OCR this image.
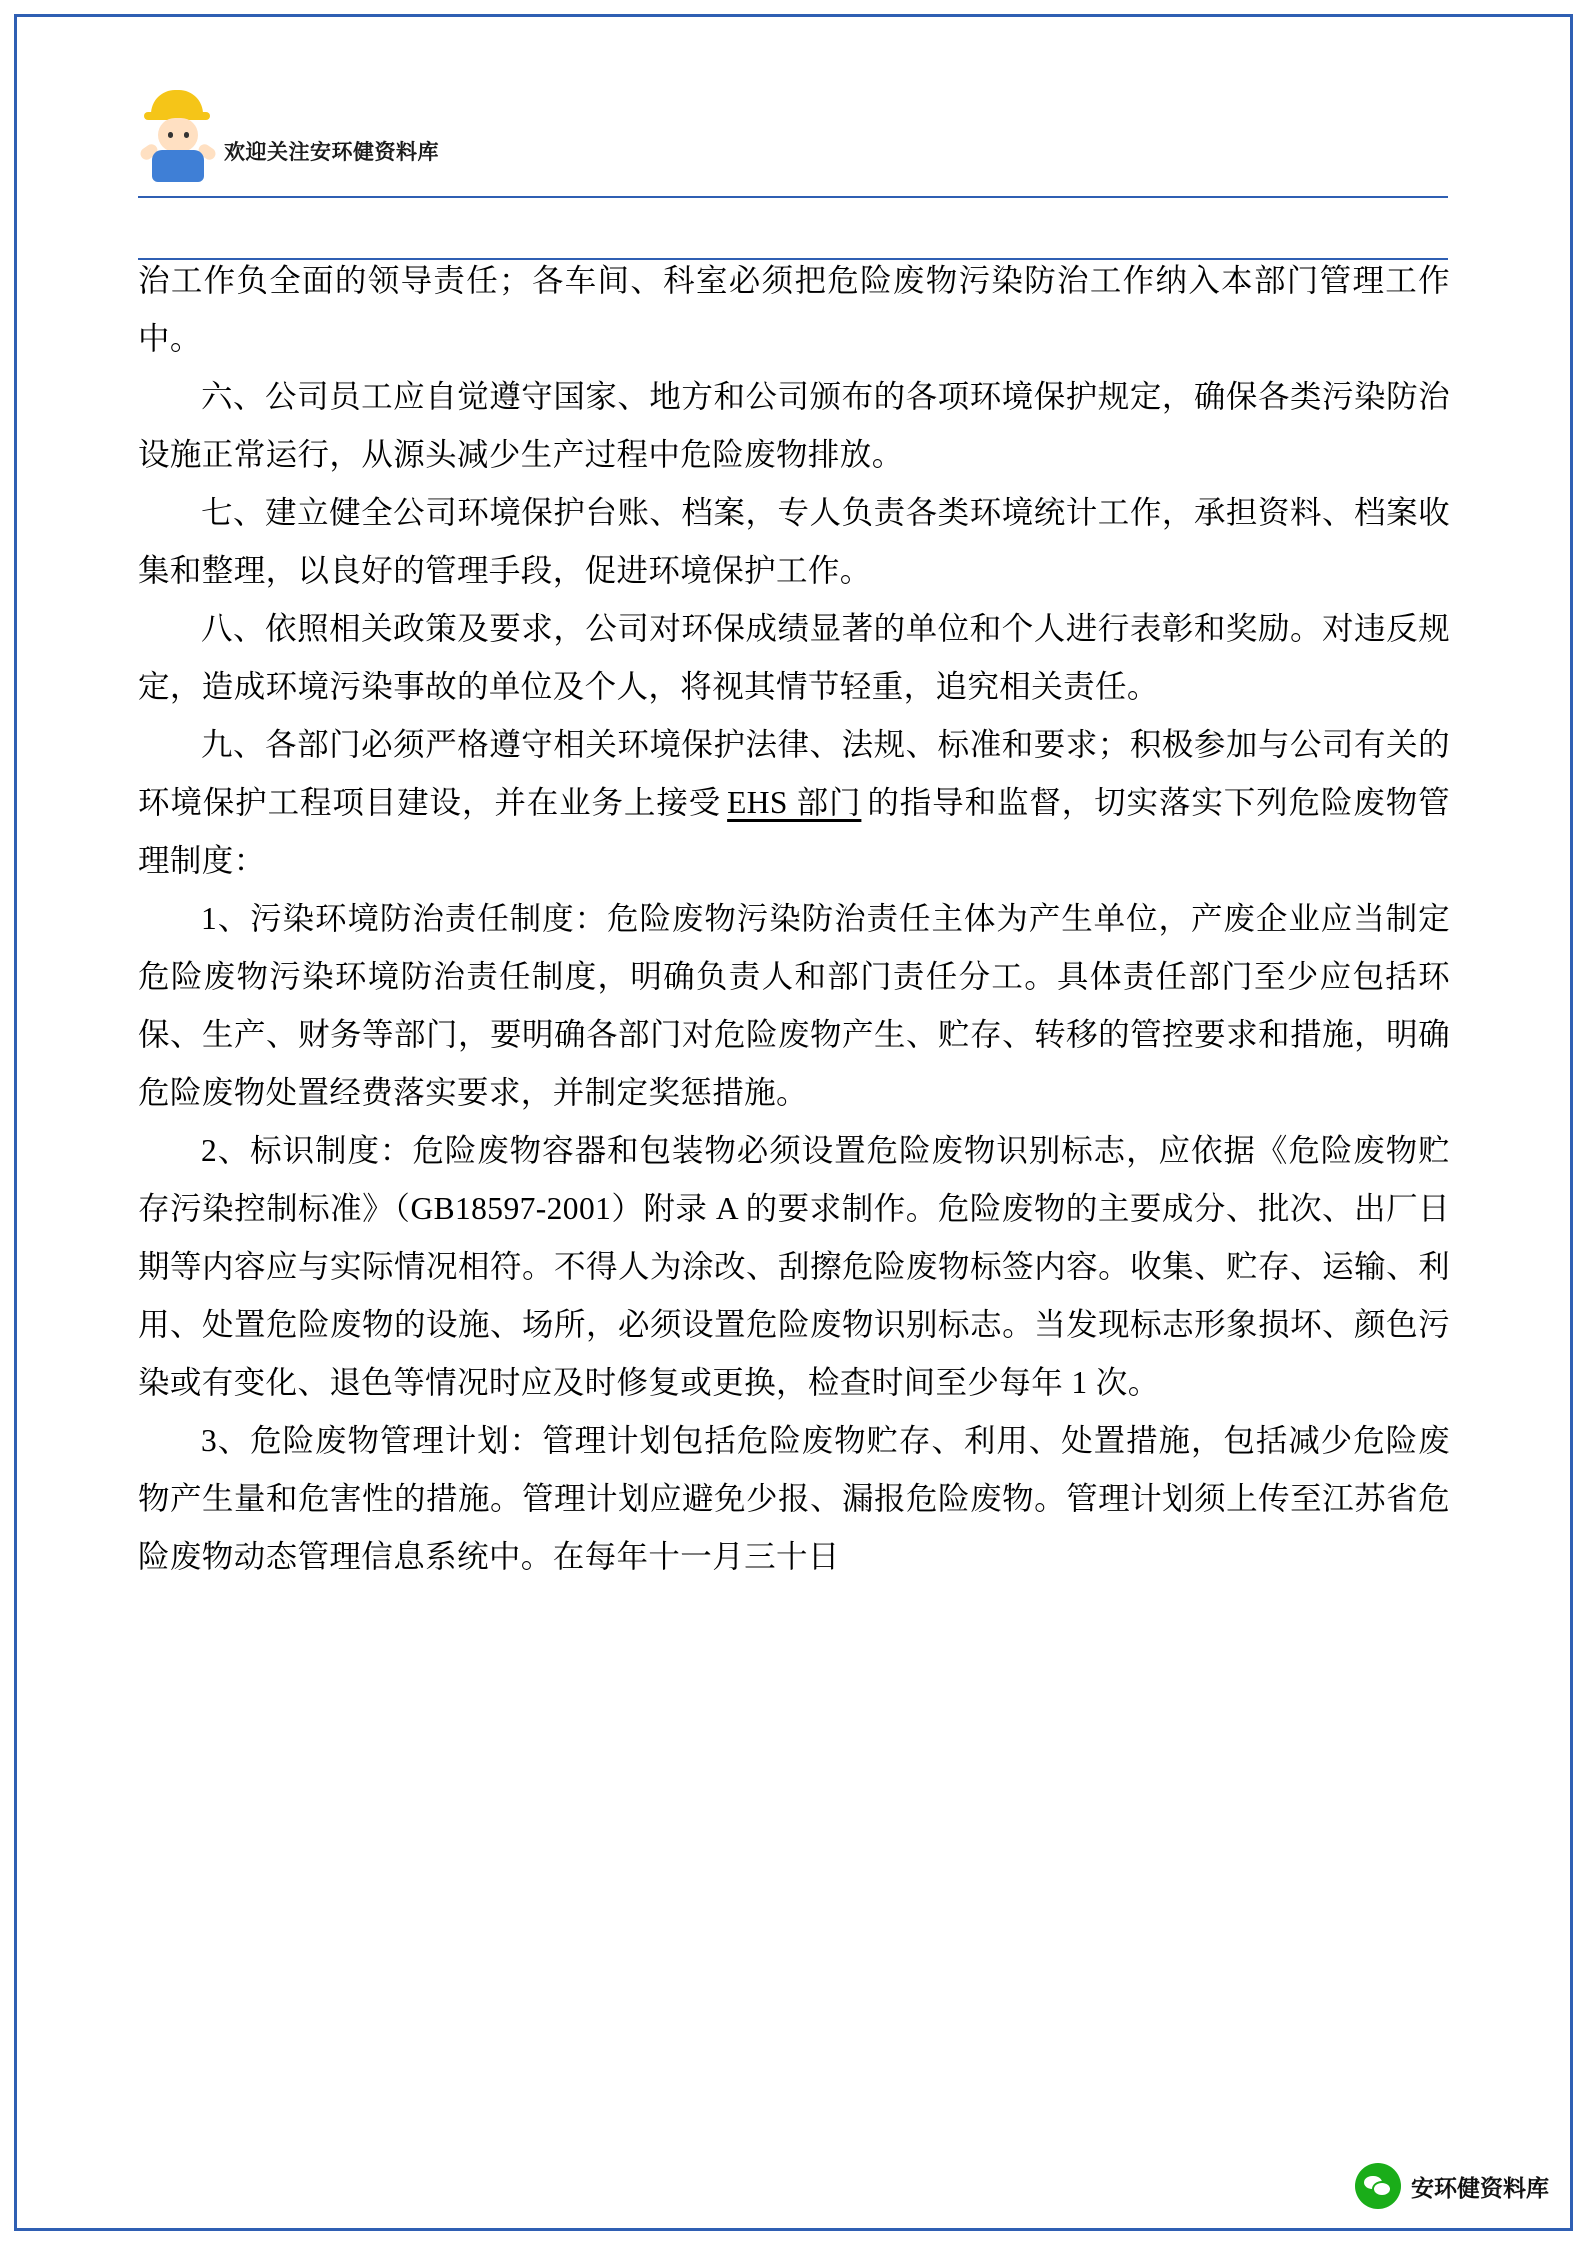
欢迎关注安环健资料库

治工作负全面的领导责任；各车间、科室必须把危险废物污染防治工作纳入本部门管理工作中。

六、公司员工应自觉遵守国家、地方和公司颁布的各项环境保护规定，确保各类污染防治设施正常运行，从源头减少生产过程中危险废物排放。

七、建立健全公司环境保护台账、档案，专人负责各类环境统计工作，承担资料、档案收集和整理，以良好的管理手段，促进环境保护工作。

八、依照相关政策及要求，公司对环保成绩显著的单位和个人进行表彰和奖励。对违反规定，造成环境污染事故的单位及个人，将视其情节轻重，追究相关责任。

九、各部门必须严格遵守相关环境保护法律、法规、标准和要求；积极参加与公司有关的环境保护工程项目建设，并在业务上接受 EHS 部门 的指导和监督，切实落实下列危险废物管理制度：

1、污染环境防治责任制度：危险废物污染防治责任主体为产生单位，产废企业应当制定危险废物污染环境防治责任制度，明确负责人和部门责任分工。具体责任部门至少应包括环保、生产、财务等部门，要明确各部门对危险废物产生、贮存、转移的管控要求和措施，明确危险废物处置经费落实要求，并制定奖惩措施。

2、标识制度：危险废物容器和包装物必须设置危险废物识别标志，应依据《危险废物贮存污染控制标准》（GB18597-2001）附录 A 的要求制作。危险废物的主要成分、批次、出厂日期等内容应与实际情况相符。不得人为涂改、刮擦危险废物标签内容。收集、贮存、运输、利用、处置危险废物的设施、场所，必须设置危险废物识别标志。当发现标志形象损坏、颜色污染或有变化、退色等情况时应及时修复或更换，检查时间至少每年 1 次。

3、危险废物管理计划：管理计划包括危险废物贮存、利用、处置措施，包括减少危险废物产生量和危害性的措施。管理计划应避免少报、漏报危险废物。管理计划须上传至江苏省危险废物动态管理信息系统中。在每年十一月三十日

安环健资料库
